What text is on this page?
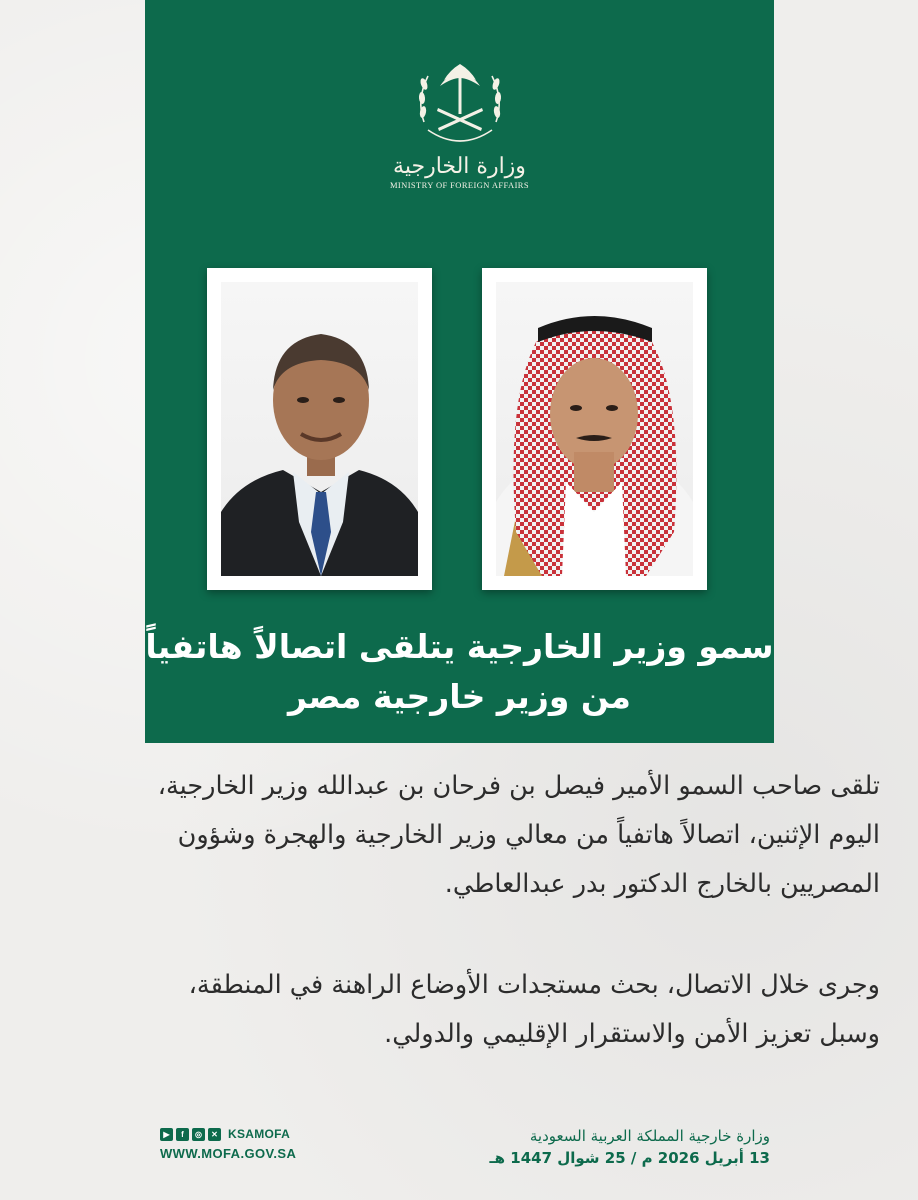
وزارة الخارجية
MINISTRY OF FOREIGN AFFAIRS
سمو وزير الخارجية يتلقى اتصالاً هاتفياً
من وزير خارجية مصر

تلقى صاحب السمو الأمير فيصل بن فرحان بن عبدالله وزير الخارجية، اليوم الإثنين، اتصالاً هاتفياً من معالي وزير الخارجية والهجرة وشؤون المصريين بالخارج الدكتور بدر عبدالعاطي.

وجرى خلال الاتصال، بحث مستجدات الأوضاع الراهنة في المنطقة، وسبل تعزيز الأمن والاستقرار الإقليمي والدولي.

وزارة خارجية المملكة العربية السعودية
13 أبريل 2026 م / 25 شوال 1447 هـ
▶	f	◎	✕ KSAMOFA
WWW.MOFA.GOV.SA
